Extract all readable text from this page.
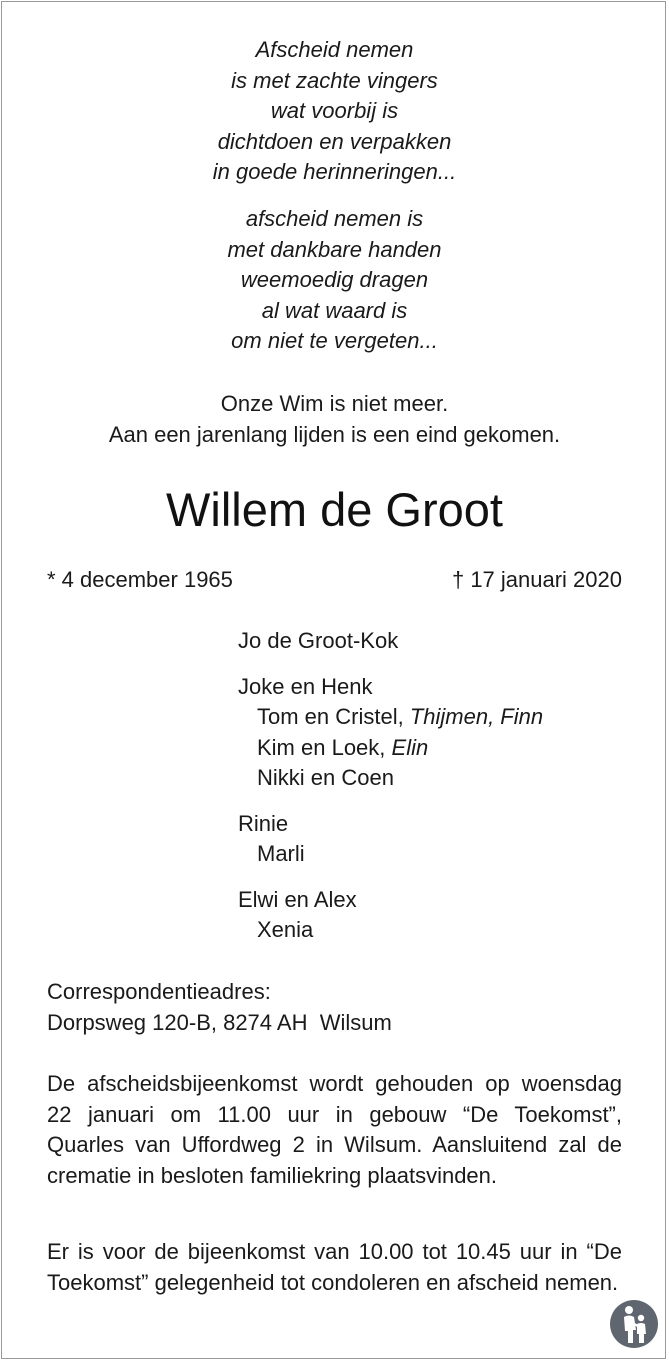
Afscheid nemen
is met zachte vingers
wat voorbij is
dichtdoen en verpakken
in goede herinneringen...
afscheid nemen is
met dankbare handen
weemoedig dragen
al wat waard is
om niet te vergeten...
Onze Wim is niet meer.
Aan een jarenlang lijden is een eind gekomen.
Willem de Groot
* 4 december 1965	† 17 januari 2020
Jo de Groot-Kok
Joke en Henk
Tom en Cristel, Thijmen, Finn
Kim en Loek, Elin
Nikki en Coen
Rinie
Marli
Elwi en Alex
Xenia
Correspondentieadres:
Dorpsweg 120-B, 8274 AH  Wilsum
De afscheidsbijeenkomst wordt gehouden op woensdag 22 januari om 11.00 uur in gebouw “De Toekomst”, Quarles van Uffordweg 2 in Wilsum. Aansluitend zal de crematie in besloten familiekring plaatsvinden.
Er is voor de bijeenkomst van 10.00 tot 10.45 uur in “De Toekomst” gelegenheid tot condoleren en afscheid nemen.
